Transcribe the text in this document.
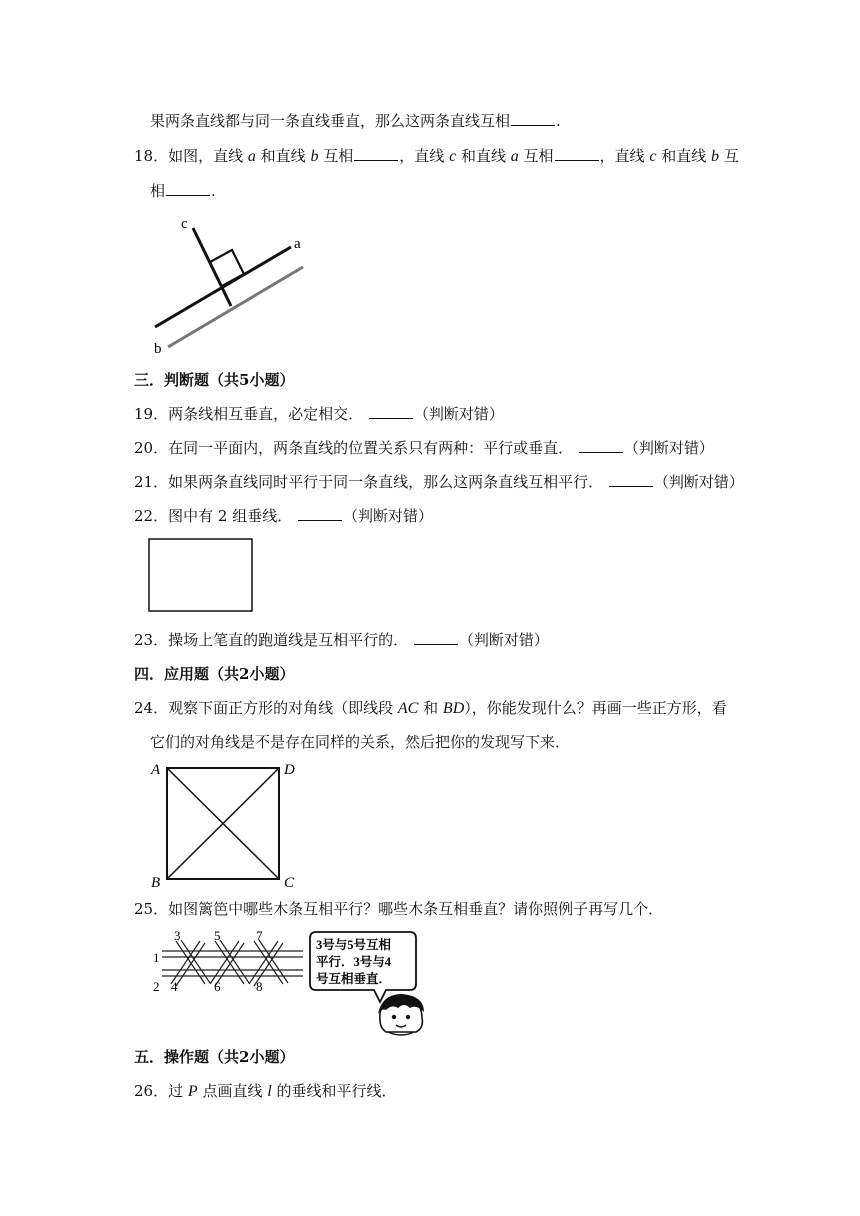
果两条直线都与同一条直线垂直，那么这两条直线互相	.
18．如图，直线 a 和直线 b 互相	，直线 c 和直线 a 互相	，直线 c 和直线 b 互
相	.
c
a
b
三．判断题（共5小题）
19．两条线相互垂直，必定相交．	（判断对错）
20．在同一平面内，两条直线的位置关系只有两种：平行或垂直．	（判断对错）
21．如果两条直线同时平行于同一条直线，那么这两条直线互相平行．	（判断对错）
22．图中有 2 组垂线．	（判断对错）
23．操场上笔直的跑道线是互相平行的．	（判断对错）
四．应用题（共2小题）
24．观察下面正方形的对角线（即线段 AC 和 BD），你能发现什么？再画一些正方形，看
它们的对角线是不是存在同样的关系，然后把你的发现写下来．
A	D
B	C
25．如图篱笆中哪些木条互相平行？哪些木条互相垂直？请你照例子再写几个．
3	5	7
1
2 4	6	8
3号与5号互相
平行．3号与4
号互相垂直．
五．操作题（共2小题）
26．过 P 点画直线 l 的垂线和平行线．
